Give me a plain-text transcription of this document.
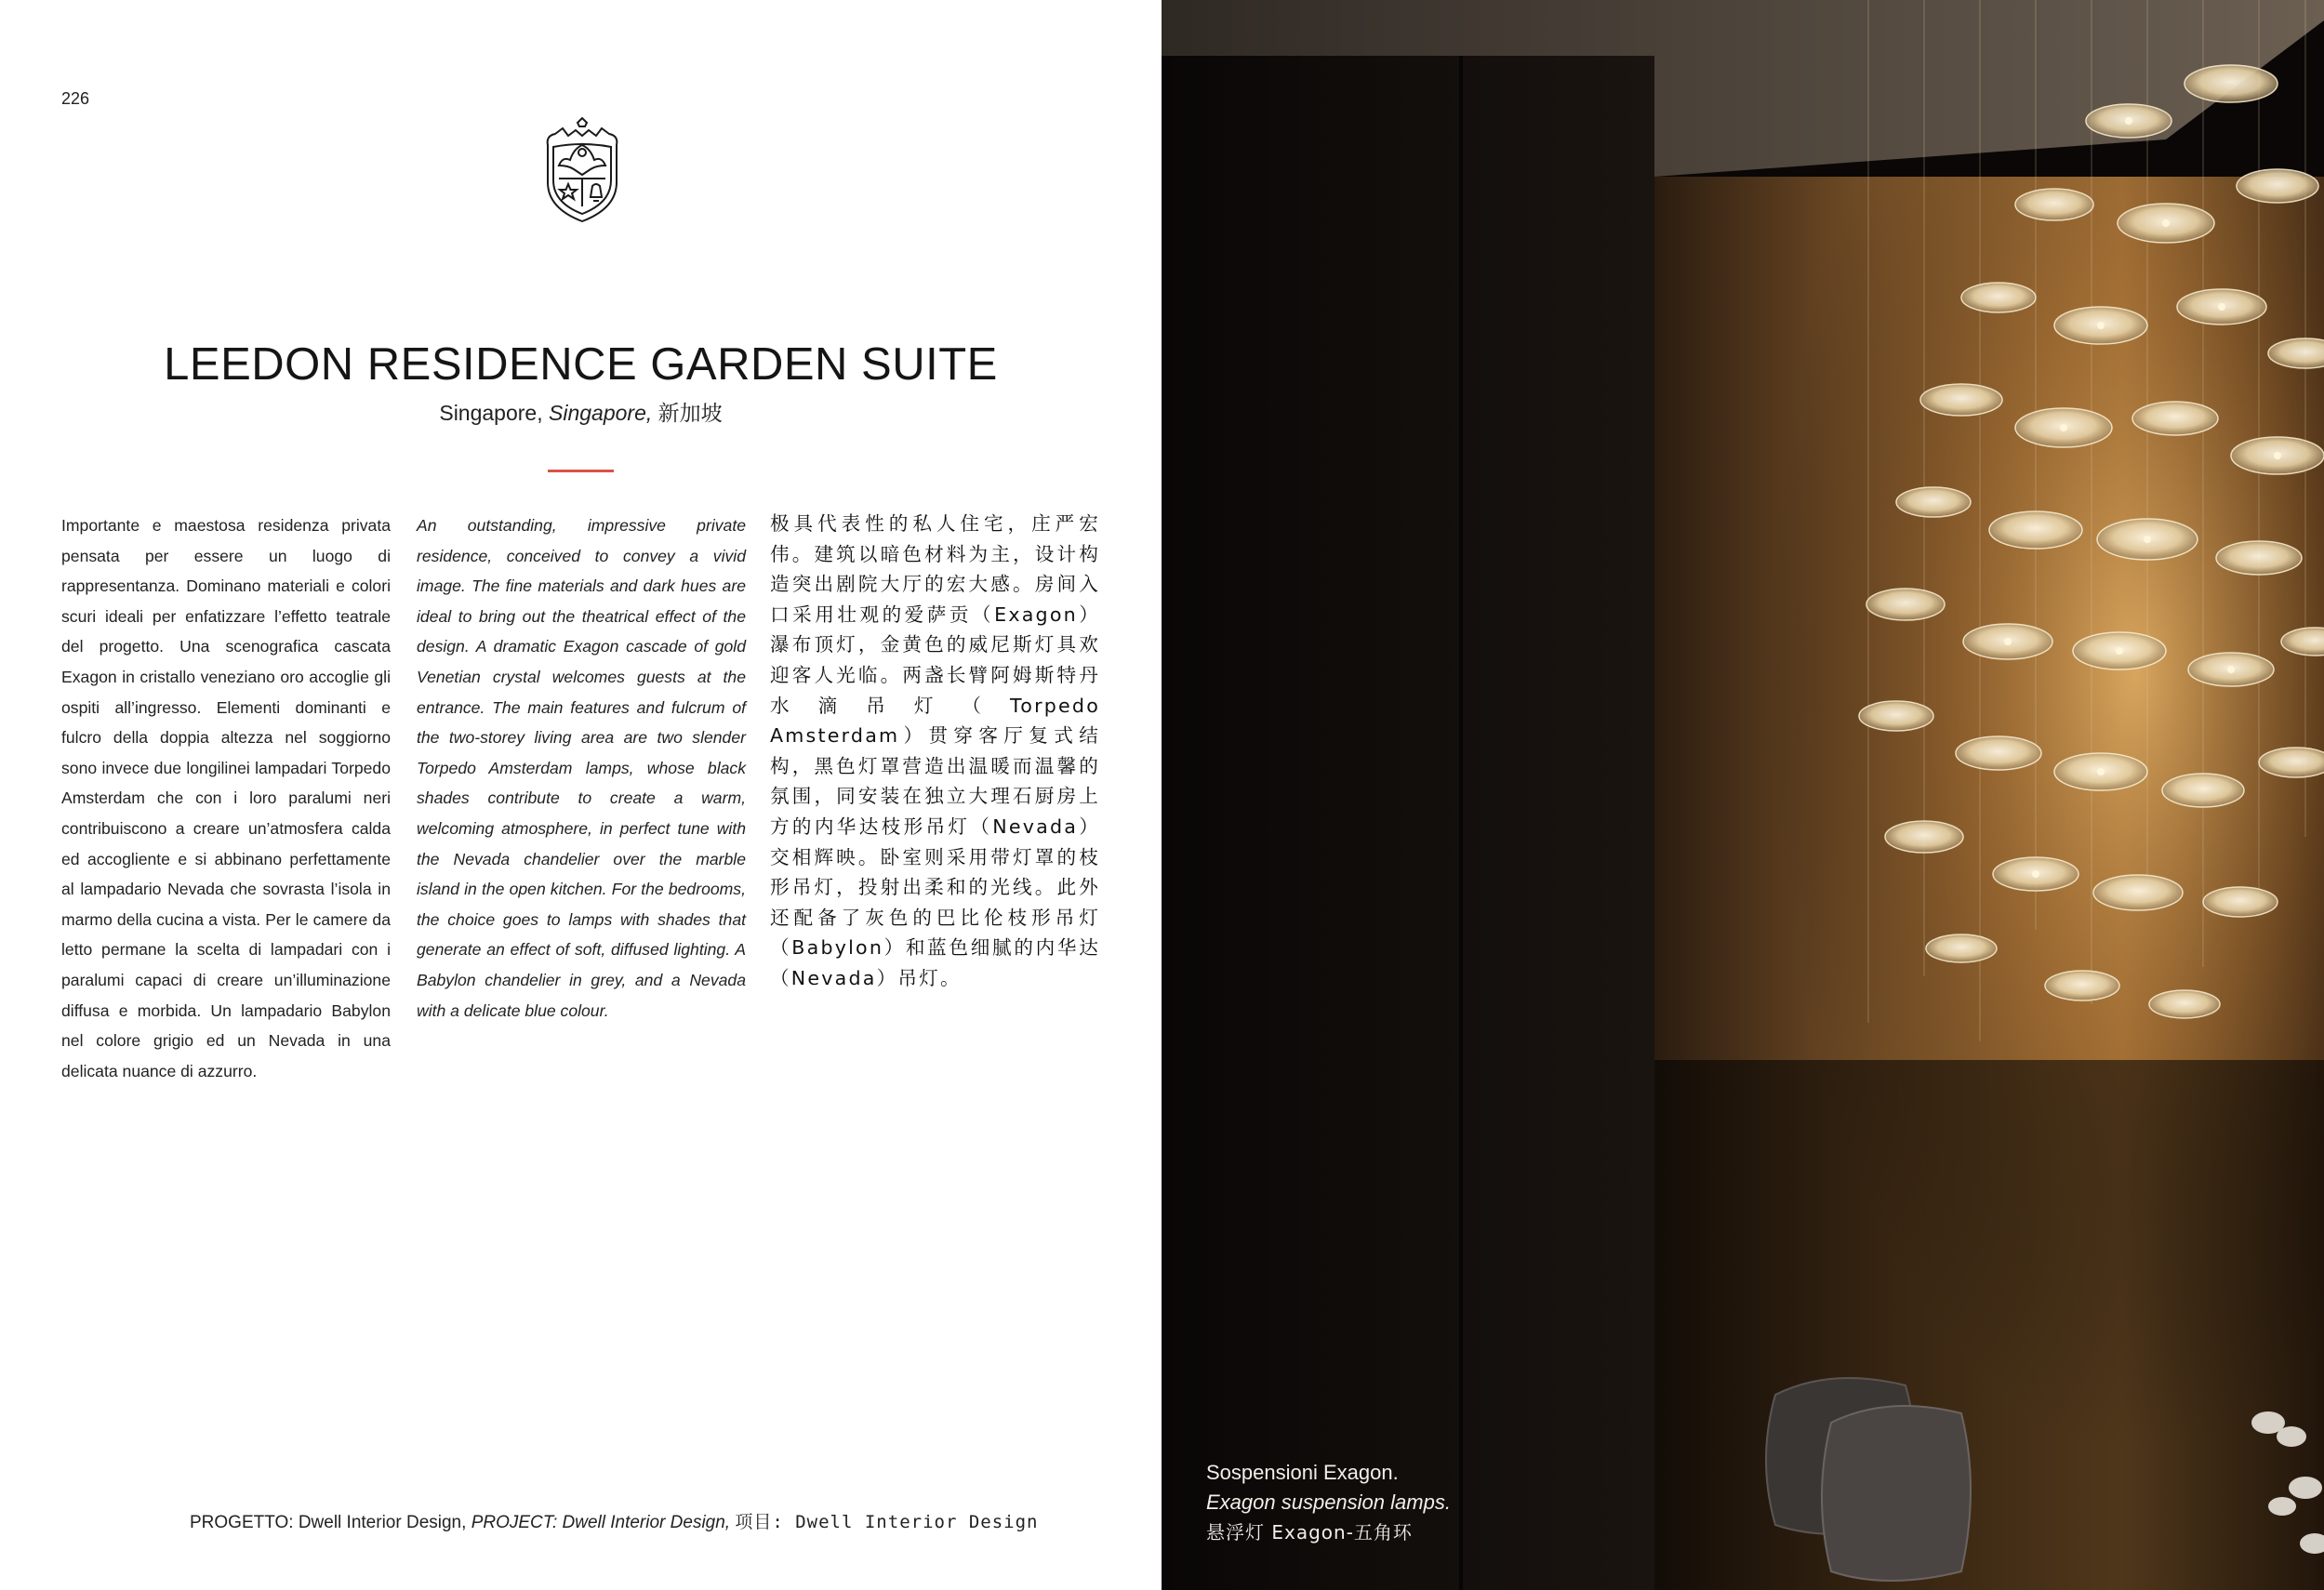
226
LEEDON RESIDENCE GARDEN SUITE
Singapore, Singapore, 新加坡
Importante e maestosa residenza privata pensata per essere un luogo di rappresentanza. Dominano materiali e colori scuri ideali per enfatizzare l’effetto teatrale del progetto. Una scenografica cascata Exagon in cristallo veneziano oro accoglie gli ospiti all’ingresso. Elementi dominanti e fulcro della doppia altezza nel soggiorno sono invece due longilinei lampadari Torpedo Amsterdam che con i loro paralumi neri contribuiscono a creare un’atmosfera calda ed accogliente e si abbinano perfettamente al lampadario Nevada che sovrasta l’isola in marmo della cucina a vista. Per le camere da letto permane la scelta di lampadari con i paralumi capaci di creare un’illuminazione diffusa e morbida. Un lampadario Babylon nel colore grigio ed un Nevada in una delicata nuance di azzurro.
An outstanding, impressive private residence, conceived to convey a vivid image. The fine materials and dark hues are ideal to bring out the theatrical effect of the design. A dramatic Exagon cascade of gold Venetian crystal welcomes guests at the entrance. The main features and fulcrum of the two-storey living area are two slender Torpedo Amsterdam lamps, whose black shades contribute to create a warm, welcoming atmosphere, in perfect tune with the Nevada chandelier over the marble island in the open kitchen. For the bedrooms, the choice goes to lamps with shades that generate an effect of soft, diffused lighting. A Babylon chandelier in grey, and a Nevada with a delicate blue colour.
极具代表性的私人住宅，庄严宏伟。建筑以暗色材料为主，设计构造突出剧院大厅的宏大感。房间入口采用壮观的爱萨贡（Exagon）瀑布顶灯，金黄色的威尼斯灯具欢迎客人光临。两盏长臂阿姆斯特丹水滴吊灯（Torpedo Amsterdam）贯穿客厅复式结构，黑色灯罩营造出温暖而温馨的氛围，同安装在独立大理石厨房上方的内华达枝形吊灯（Nevada）交相辉映。卧室则采用带灯罩的枝形吊灯，投射出柔和的光线。此外还配备了灰色的巴比伦枝形吊灯（Babylon）和蓝色细腻的内华达（Nevada）吊灯。
PROGETTO: Dwell Interior Design, PROJECT: Dwell Interior Design, 项目: Dwell Interior Design
Sospensioni Exagon.
Exagon suspension lamps.
悬浮灯 Exagon-五角环
